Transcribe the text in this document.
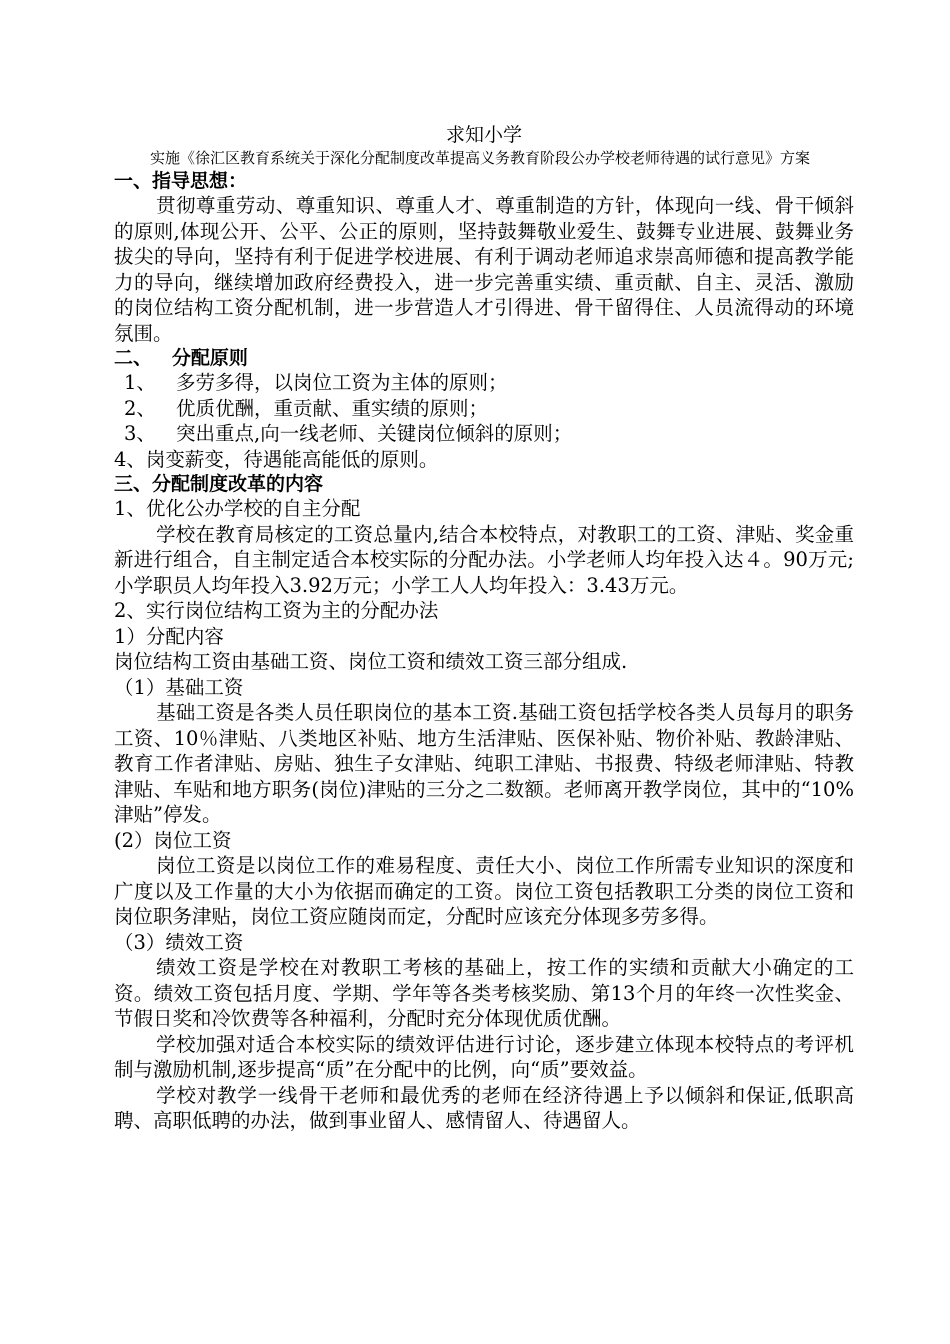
求知小学

实施《徐汇区教育系统关于深化分配制度改革提高义务教育阶段公办学校老师待遇的试行意见》方案

一、指导思想：

贯彻尊重劳动、尊重知识、尊重人才、尊重制造的方针，体现向一线、骨干倾斜的原则,体现公开、公平、公正的原则，坚持鼓舞敬业爱生、鼓舞专业进展、鼓舞业务拔尖的导向，坚持有利于促进学校进展、有利于调动老师追求崇高师德和提高教学能力的导向，继续增加政府经费投入，进一步完善重实绩、重贡献、自主、灵活、激励的岗位结构工资分配机制，进一步营造人才引得进、骨干留得住、人员流得动的环境氛围。

二、   分配原则

1、 多劳多得，以岗位工资为主体的原则；

2、 优质优酬，重贡献、重实绩的原则；

3、 突出重点,向一线老师、关键岗位倾斜的原则；

4、岗变薪变，待遇能高能低的原则。

三、分配制度改革的内容

1、优化公办学校的自主分配

学校在教育局核定的工资总量内,结合本校特点，对教职工的工资、津贴、奖金重新进行组合，自主制定适合本校实际的分配办法。小学老师人均年投入达４。90万元;小学职员人均年投入3.92万元；小学工人人均年投入：3.43万元。

2、实行岗位结构工资为主的分配办法

1）分配内容

岗位结构工资由基础工资、岗位工资和绩效工资三部分组成.

（1）基础工资

基础工资是各类人员任职岗位的基本工资.基础工资包括学校各类人员每月的职务工资、10％津贴、八类地区补贴、地方生活津贴、医保补贴、物价补贴、教龄津贴、教育工作者津贴、房贴、独生子女津贴、纯职工津贴、书报费、特级老师津贴、特教津贴、车贴和地方职务(岗位)津贴的三分之二数额。老师离开教学岗位，其中的“10%津贴”停发。

(2）岗位工资

岗位工资是以岗位工作的难易程度、责任大小、岗位工作所需专业知识的深度和广度以及工作量的大小为依据而确定的工资。岗位工资包括教职工分类的岗位工资和岗位职务津贴，岗位工资应随岗而定，分配时应该充分体现多劳多得。

（3）绩效工资

绩效工资是学校在对教职工考核的基础上，按工作的实绩和贡献大小确定的工资。绩效工资包括月度、学期、学年等各类考核奖励、第13个月的年终一次性奖金、节假日奖和冷饮费等各种福利，分配时充分体现优质优酬。

学校加强对适合本校实际的绩效评估进行讨论，逐步建立体现本校特点的考评机制与激励机制,逐步提高“质”在分配中的比例，向“质”要效益。

学校对教学一线骨干老师和最优秀的老师在经济待遇上予以倾斜和保证,低职高聘、高职低聘的办法，做到事业留人、感情留人、待遇留人。
